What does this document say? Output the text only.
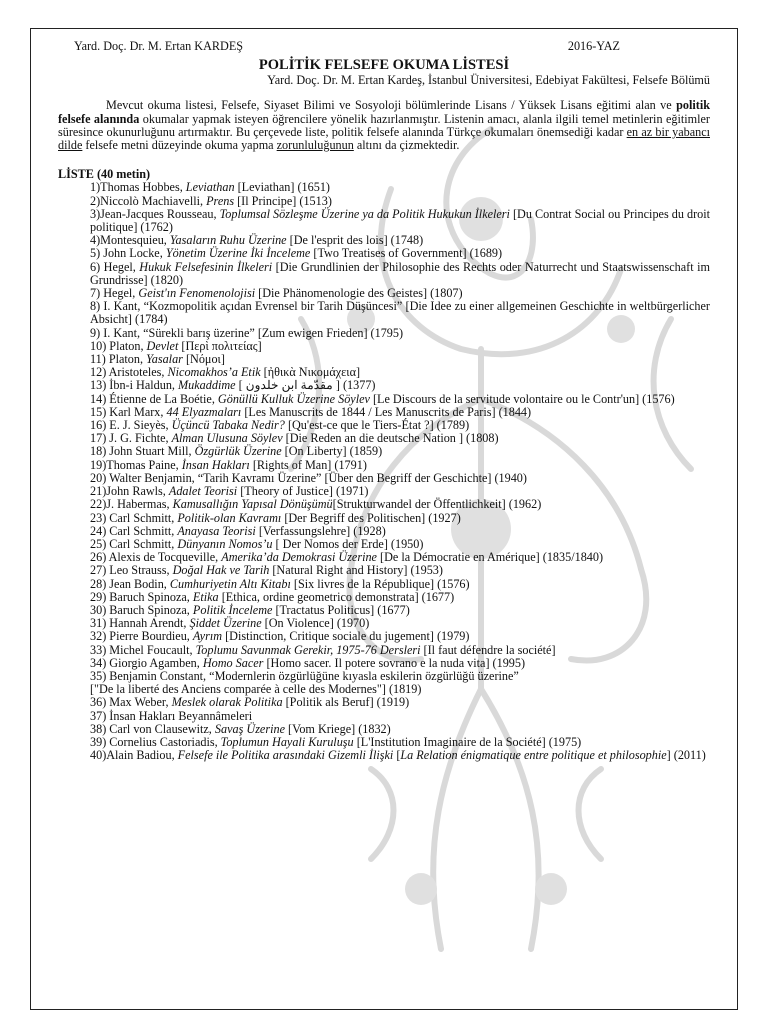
Yard. Doç. Dr. M. Ertan KARDEŞ	2016-YAZ
POLİTİK FELSEFE OKUMA LİSTESİ
Yard. Doç. Dr. M. Ertan Kardeş, İstanbul Üniversitesi, Edebiyat Fakültesi, Felsefe Bölümü

Mevcut okuma listesi, Felsefe, Siyaset Bilimi ve Sosyoloji bölümlerinde Lisans / Yüksek Lisans eğitimi alan ve politik felsefe alanında okumalar yapmak isteyen öğrencilere yönelik hazırlanmıştır. Listenin amacı, alanla ilgili temel metinlerin eğitimler süresince okunurluğunu artırmaktır. Bu çerçevede liste, politik felsefe alanında Türkçe okumaları önemsediği kadar en az bir yabancı dilde felsefe metni düzeyinde okuma yapma zorunluluğunun altını da çizmektedir.

LİSTE (40 metin)
1)Thomas Hobbes, Leviathan [Leviathan] (1651)
2)Niccolò Machiavelli, Prens [Il Principe] (1513)
3)Jean-Jacques Rousseau, Toplumsal Sözleşme Üzerine ya da Politik Hukukun İlkeleri [Du Contrat Social ou Principes du droit politique] (1762)
4)Montesquieu, Yasaların Ruhu Üzerine [De l'esprit des lois] (1748)
5) John Locke, Yönetim Üzerine İki İnceleme [Two Treatises of Government] (1689)
6) Hegel, Hukuk Felsefesinin İlkeleri [Die Grundlinien der Philosophie des Rechts oder Naturrecht und Staatswissenschaft im Grundrisse] (1820)
7) Hegel, Geist'ın Fenomenolojisi [Die Phänomenologie des Geistes] (1807)
8) I. Kant, “Kozmopolitik açıdan Evrensel bir Tarih Düşüncesi” [Die Idee zu einer allgemeinen Geschichte in weltbürgerlicher Absicht] (1784)
9) I. Kant, “Sürekli barış üzerine” [Zum ewigen Frieden] (1795)
10) Platon, Devlet [Περὶ πολιτείας]
11) Platon, Yasalar [Νόμοι]
12) Aristoteles, Nicomakhos’a Etik [ἠθικὰ Νικομάχεια]
13) İbn-i Haldun, Mukaddime [ مقدّمة ابن خلدون ] (1377)
14) Étienne de La Boétie, Gönüllü Kulluk Üzerine Söylev [Le Discours de la servitude volontaire ou le Contr'un] (1576)
15) Karl Marx, 44 Elyazmaları [Les Manuscrits de 1844 / Les Manuscrits de Paris] (1844)
16) E. J. Sieyès, Üçüncü Tabaka Nedir? [Qu'est-ce que le Tiers-État ?] (1789)
17) J. G. Fichte, Alman Ulusuna Söylev [Die Reden an die deutsche Nation ] (1808)
18) John Stuart Mill, Özgürlük Üzerine [On Liberty] (1859)
19)Thomas Paine, İnsan Hakları [Rights of Man] (1791)
20) Walter Benjamin, “Tarih Kavramı Üzerine” [Über den Begriff der Geschichte] (1940)
21)John Rawls, Adalet Teorisi [Theory of Justice] (1971)
22)J. Habermas, Kamusallığın Yapısal Dönüşümü[Strukturwandel der Öffentlichkeit] (1962)
23) Carl Schmitt, Politik-olan Kavramı [Der Begriff des Politischen] (1927)
24) Carl Schmitt, Anayasa Teorisi [Verfassungslehre] (1928)
25) Carl Schmitt, Dünyanın Nomos’u [ Der Nomos der Erde] (1950)
26) Alexis de Tocqueville, Amerika’da Demokrasi Üzerine [De la Démocratie en Amérique] (1835/1840)
27) Leo Strauss, Doğal Hak ve Tarih [Natural Right and History] (1953)
28) Jean Bodin, Cumhuriyetin Altı Kitabı [Six livres de la République] (1576)
29) Baruch Spinoza, Etika [Ethica, ordine geometrico demonstrata] (1677)
30) Baruch Spinoza, Politik İnceleme [Tractatus Politicus] (1677)
31) Hannah Arendt, Şiddet Üzerine [On Violence] (1970)
32) Pierre Bourdieu, Ayrım [Distinction, Critique sociale du jugement] (1979)
33) Michel Foucault, Toplumu Savunmak Gerekir, 1975-76 Dersleri [Il faut défendre la société]
34) Giorgio Agamben, Homo Sacer [Homo sacer. Il potere sovrano e la nuda vita] (1995)
35) Benjamin Constant, “Modernlerin özgürlüğüne kıyasla eskilerin özgürlüğü üzerine”
["De la liberté des Anciens comparée à celle des Modernes"] (1819)
36) Max Weber, Meslek olarak Politika [Politik als Beruf] (1919)
37) İnsan Hakları Beyannâmeleri
38) Carl von Clausewitz, Savaş Üzerine [Vom Kriege] (1832)
39) Cornelius Castoriadis, Toplumun Hayali Kuruluşu [L'Institution Imaginaire de la Société] (1975)
40)Alain Badiou, Felsefe ile Politika arasındaki Gizemli İlişki [La Relation énigmatique entre politique et philosophie] (2011)
